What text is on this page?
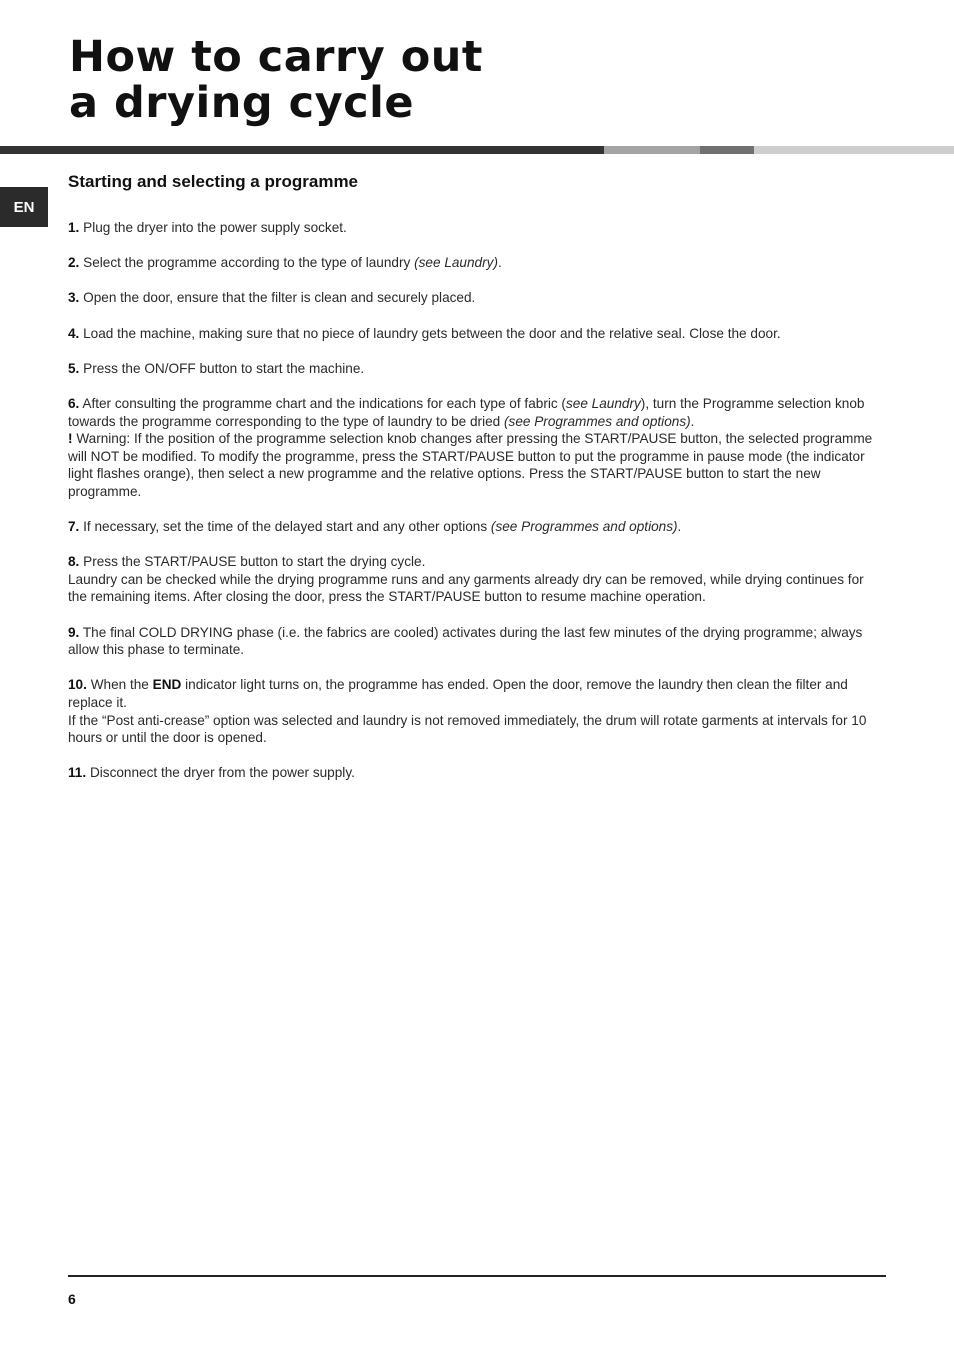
How to carry out
a drying cycle
EN
Starting and selecting a programme

1. Plug the dryer into the power supply socket.

2. Select the programme according to the type of laundry (see Laundry).

3. Open the door, ensure that the filter is clean and securely placed.

4. Load the machine, making sure that no piece of laundry gets between the door and the relative seal. Close the door.

5. Press the ON/OFF button to start the machine.

6. After consulting the programme chart and the indications for each type of fabric (see Laundry), turn the Programme selection knob towards the programme corresponding to the type of laundry to be dried (see Programmes and options).

! Warning: If the position of the programme selection knob changes after pressing the START/PAUSE button, the selected programme will NOT be modified. To modify the programme, press the START/PAUSE button to put the programme in pause mode (the indicator light flashes orange), then select a new programme and the relative options. Press the START/PAUSE button to start the new programme.

7. If necessary, set the time of the delayed start and any other options (see Programmes and options).

8. Press the START/PAUSE button to start the drying cycle.

Laundry can be checked while the drying programme runs and any garments already dry can be removed, while drying continues for the remaining items. After closing the door, press the START/PAUSE button to resume machine operation.

9. The final COLD DRYING phase (i.e. the fabrics are cooled) activates during the last few minutes of the drying programme; always allow this phase to terminate.

10. When the END indicator light turns on, the programme has ended. Open the door, remove the laundry then clean the filter and replace it.

If the “Post anti-crease” option was selected and laundry is not removed immediately, the drum will rotate garments at intervals for 10 hours or until the door is opened.

11. Disconnect the dryer from the power supply.

6
